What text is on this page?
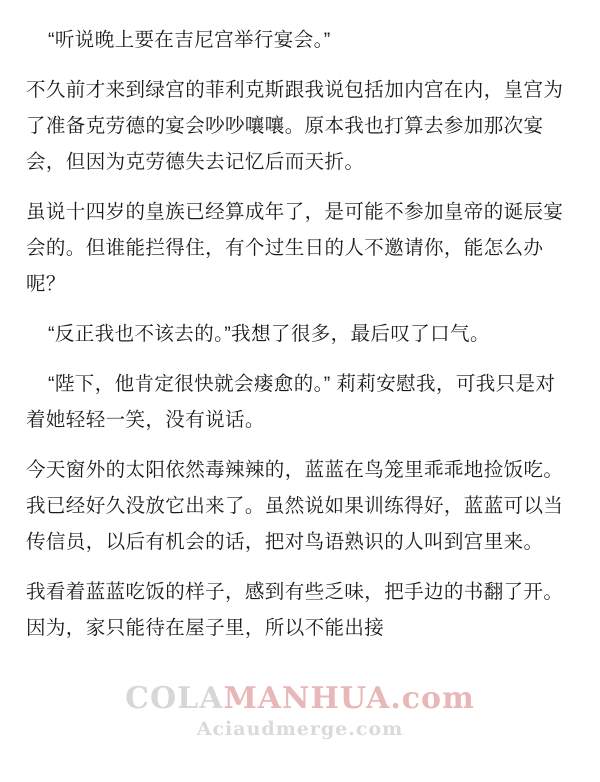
“听说晚上要在吉尼宫举行宴会。”

不久前才来到绿宫的菲利克斯跟我说包括加内宫在内，皇宫为了准备克劳德的宴会吵吵嚷嚷。原本我也打算去参加那次宴会，但因为克劳德失去记忆后而天折。

虽说十四岁的皇族已经算成年了，是可能不参加皇帝的诞辰宴会的。但谁能拦得住，有个过生日的人不邀请你，能怎么办呢？

“反正我也不该去的。”我想了很多，最后叹了口气。

“陛下，他肯定很快就会瘘愈的。” 莉莉安慰我，可我只是对着她轻轻一笑，没有说话。

今天窗外的太阳依然毒辣辣的，蓝蓝在鸟笼里乖乖地捡饭吃。我已经好久没放它出来了。虽然说如果训练得好，蓝蓝可以当传信员，以后有机会的话，把对鸟语熟识的人叫到宫里来。

我看着蓝蓝吃饭的样子，感到有些乏味，把手边的书翻了开。因为，家只能待在屋子里，所以不能出接

COLAMANHUA.com
Aciaudmerge.com
